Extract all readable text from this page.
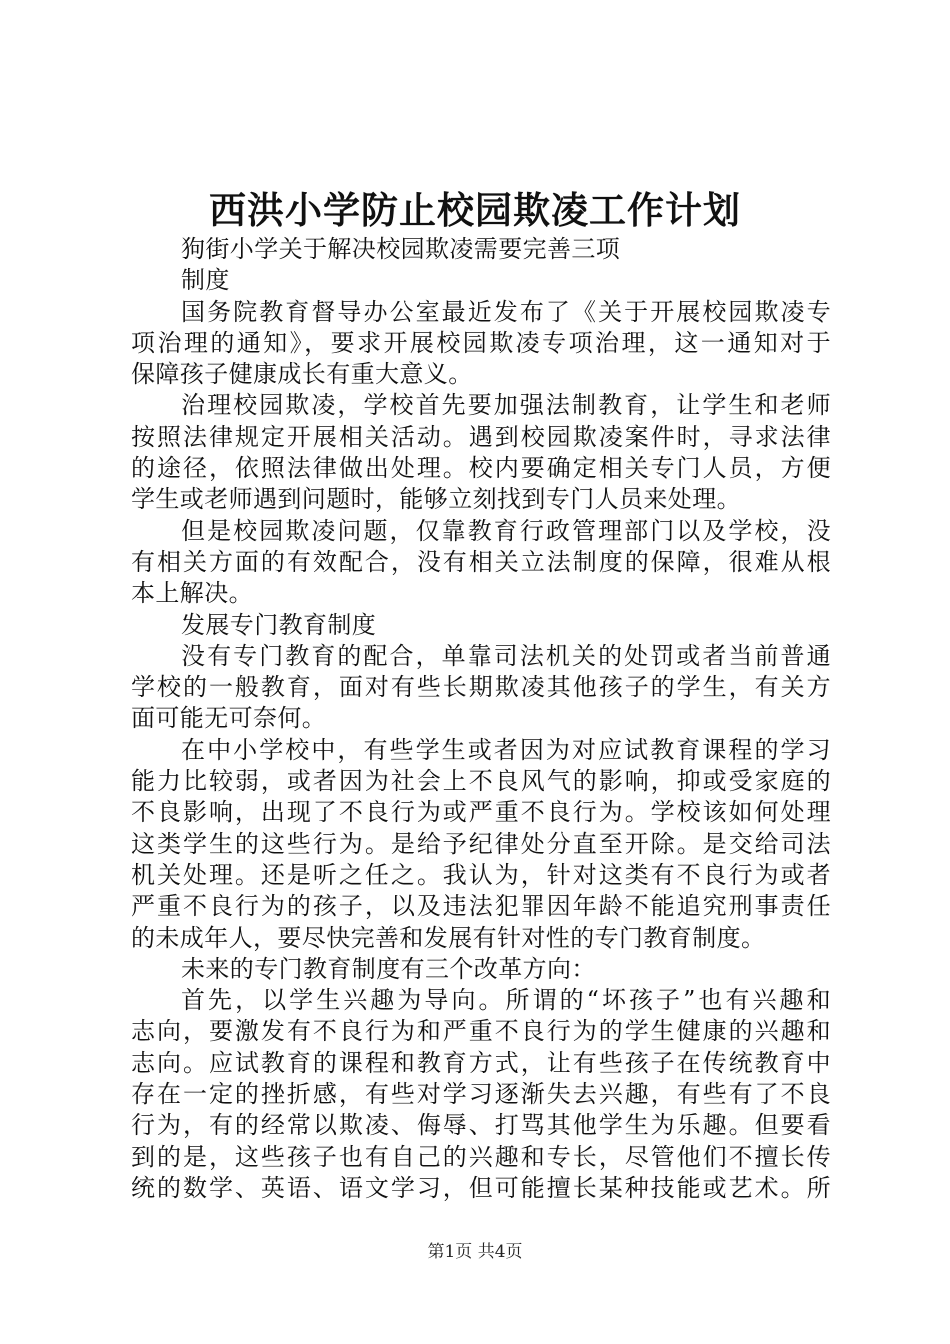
西洪小学防止校园欺凌工作计划
狗街小学关于解决校园欺凌需要完善三项
制度
国务院教育督导办公室最近发布了《关于开展校园欺凌专
项治理的通知》，要求开展校园欺凌专项治理，这一通知对于
保障孩子健康成长有重大意义。
治理校园欺凌，学校首先要加强法制教育，让学生和老师
按照法律规定开展相关活动。遇到校园欺凌案件时，寻求法律
的途径，依照法律做出处理。校内要确定相关专门人员，方便
学生或老师遇到问题时，能够立刻找到专门人员来处理。
但是校园欺凌问题，仅靠教育行政管理部门以及学校，没
有相关方面的有效配合，没有相关立法制度的保障，很难从根
本上解决。
发展专门教育制度
没有专门教育的配合，单靠司法机关的处罚或者当前普通
学校的一般教育，面对有些长期欺凌其他孩子的学生，有关方
面可能无可奈何。
在中小学校中，有些学生或者因为对应试教育课程的学习
能力比较弱，或者因为社会上不良风气的影响，抑或受家庭的
不良影响，出现了不良行为或严重不良行为。学校该如何处理
这类学生的这些行为。是给予纪律处分直至开除。是交给司法
机关处理。还是听之任之。我认为，针对这类有不良行为或者
严重不良行为的孩子，以及违法犯罪因年龄不能追究刑事责任
的未成年人，要尽快完善和发展有针对性的专门教育制度。
未来的专门教育制度有三个改革方向：
首先，以学生兴趣为导向。所谓的“坏孩子”也有兴趣和
志向，要激发有不良行为和严重不良行为的学生健康的兴趣和
志向。应试教育的课程和教育方式，让有些孩子在传统教育中
存在一定的挫折感，有些对学习逐渐失去兴趣，有些有了不良
行为，有的经常以欺凌、侮辱、打骂其他学生为乐趣。但要看
到的是，这些孩子也有自己的兴趣和专长，尽管他们不擅长传
统的数学、英语、语文学习，但可能擅长某种技能或艺术。所
第1页 共4页
